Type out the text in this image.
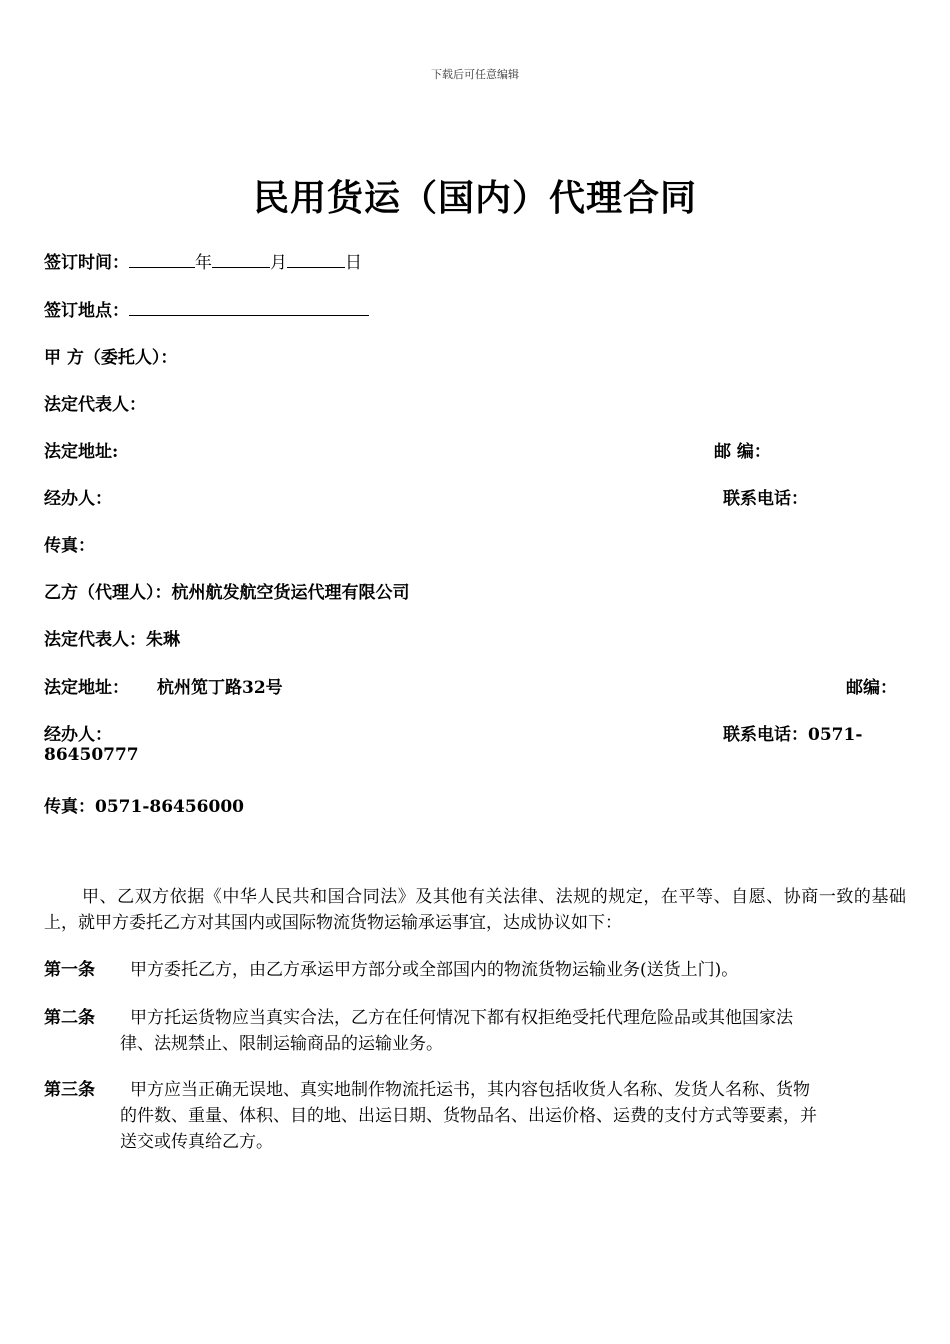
下载后可任意编辑
民用货运（国内）代理合同
签订时间：	年	月	日
签订地点：
甲 方（委托人）：
法定代表人：
法定地址:	邮 编：
经办人：	联系电话：
传真：
乙方（代理人）：杭州航发航空货运代理有限公司
法定代表人：朱琳
法定地址： 杭州笕丁路32号	邮编：
经办人：	联系电话：0571-
86450777
传真：0571-86456000

甲、乙双方依据《中华人民共和国合同法》及其他有关法律、法规的规定，在平等、自愿、协商一致的基础上，就甲方委托乙方对其国内或国际物流货物运输承运事宜，达成协议如下：

第一条 甲方委托乙方，由乙方承运甲方部分或全部国内的物流货物运输业务(送货上门)。
第二条 甲方托运货物应当真实合法，乙方在任何情况下都有权拒绝受托代理危险品或其他国家法
律、法规禁止、限制运输商品的运输业务。
第三条 甲方应当正确无误地、真实地制作物流托运书，其内容包括收货人名称、发货人名称、货物
的件数、重量、体积、目的地、出运日期、货物品名、出运价格、运费的支付方式等要素，并
送交或传真给乙方。
